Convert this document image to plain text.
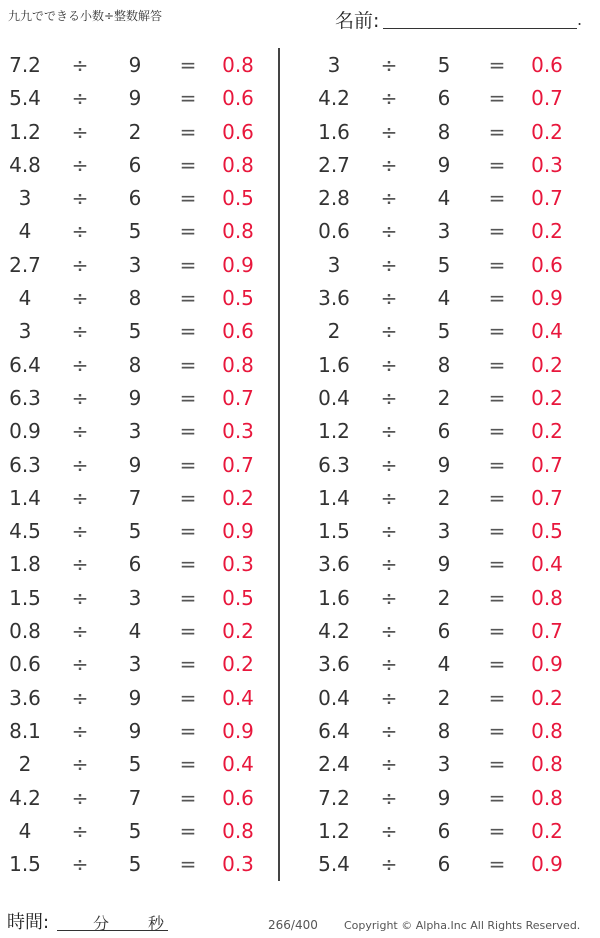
九九でできる小数÷整数解答	名前:	.
7.2	÷	9	=	0.8
5.4	÷	9	=	0.6
1.2	÷	2	=	0.6
4.8	÷	6	=	0.8
3	÷	6	=	0.5
4	÷	5	=	0.8
2.7	÷	3	=	0.9
4	÷	8	=	0.5
3	÷	5	=	0.6
6.4	÷	8	=	0.8
6.3	÷	9	=	0.7
0.9	÷	3	=	0.3
6.3	÷	9	=	0.7
1.4	÷	7	=	0.2
4.5	÷	5	=	0.9
1.8	÷	6	=	0.3
1.5	÷	3	=	0.5
0.8	÷	4	=	0.2
0.6	÷	3	=	0.2
3.6	÷	9	=	0.4
8.1	÷	9	=	0.9
2	÷	5	=	0.4
4.2	÷	7	=	0.6
4	÷	5	=	0.8
1.5	÷	5	=	0.3
3	÷	5	=	0.6
4.2	÷	6	=	0.7
1.6	÷	8	=	0.2
2.7	÷	9	=	0.3
2.8	÷	4	=	0.7
0.6	÷	3	=	0.2
3	÷	5	=	0.6
3.6	÷	4	=	0.9
2	÷	5	=	0.4
1.6	÷	8	=	0.2
0.4	÷	2	=	0.2
1.2	÷	6	=	0.2
6.3	÷	9	=	0.7
1.4	÷	2	=	0.7
1.5	÷	3	=	0.5
3.6	÷	9	=	0.4
1.6	÷	2	=	0.8
4.2	÷	6	=	0.7
3.6	÷	4	=	0.9
0.4	÷	2	=	0.2
6.4	÷	8	=	0.8
2.4	÷	3	=	0.8
7.2	÷	9	=	0.8
1.2	÷	6	=	0.2
5.4	÷	6	=	0.9
時間:	分 秒	266/400 Copyright © Alpha.Inc All Rights Reserved.
